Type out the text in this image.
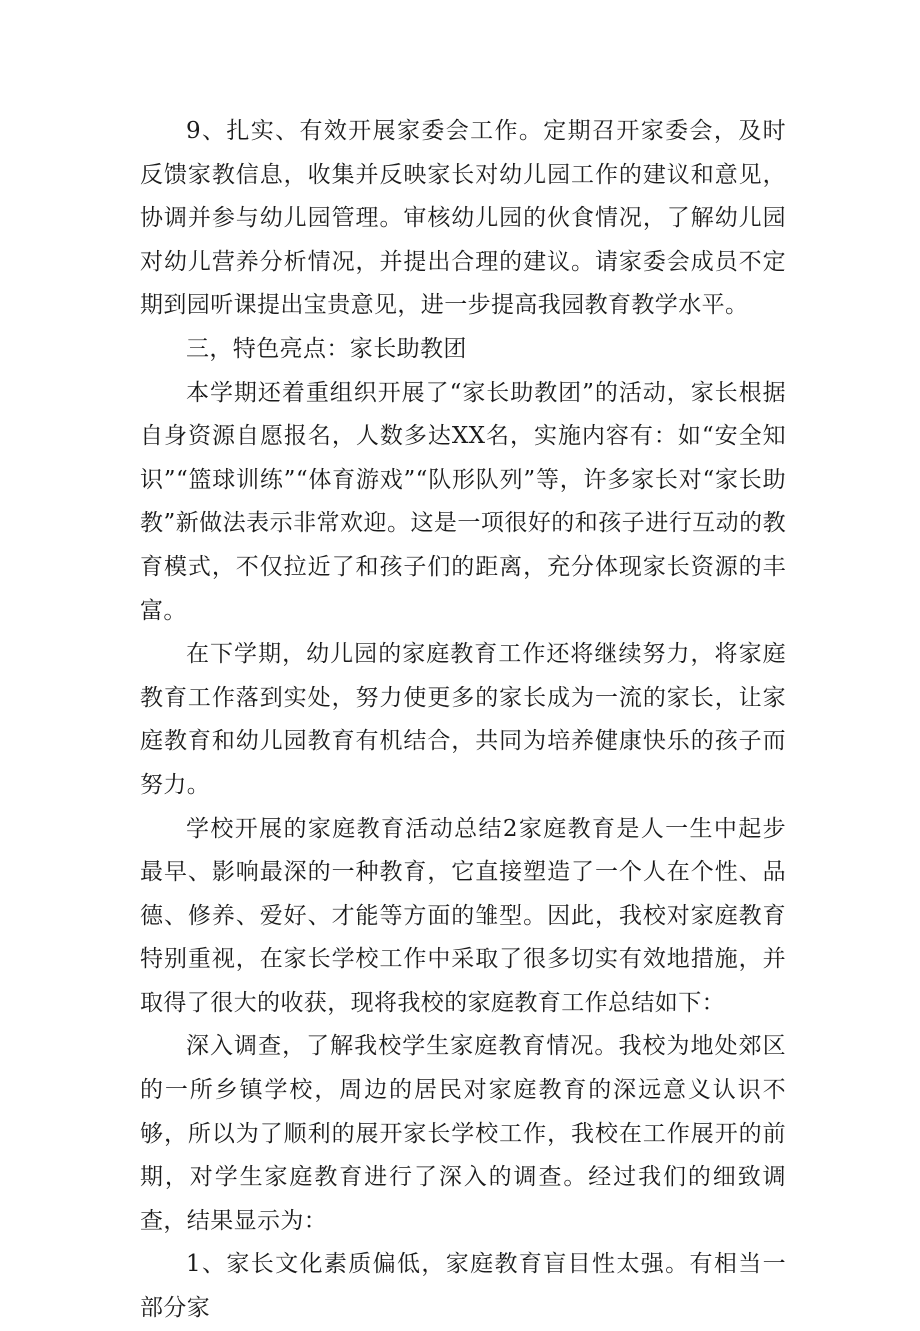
9、扎实、有效开展家委会工作。定期召开家委会，及时反馈家教信息，收集并反映家长对幼儿园工作的建议和意见，协调并参与幼儿园管理。审核幼儿园的伙食情况，了解幼儿园对幼儿营养分析情况，并提出合理的建议。请家委会成员不定期到园听课提出宝贵意见，进一步提高我园教育教学水平。

三，特色亮点：家长助教团

本学期还着重组织开展了“家长助教团”的活动，家长根据自身资源自愿报名，人数多达XX名，实施内容有：如“安全知识”“篮球训练”“体育游戏”“队形队列”等，许多家长对“家长助教”新做法表示非常欢迎。这是一项很好的和孩子进行互动的教育模式，不仅拉近了和孩子们的距离，充分体现家长资源的丰富。

在下学期，幼儿园的家庭教育工作还将继续努力，将家庭教育工作落到实处，努力使更多的家长成为一流的家长，让家庭教育和幼儿园教育有机结合，共同为培养健康快乐的孩子而努力。

学校开展的家庭教育活动总结2家庭教育是人一生中起步最早、影响最深的一种教育，它直接塑造了一个人在个性、品德、修养、爱好、才能等方面的雏型。因此，我校对家庭教育特别重视，在家长学校工作中采取了很多切实有效地措施，并取得了很大的收获，现将我校的家庭教育工作总结如下：

深入调查，了解我校学生家庭教育情况。我校为地处郊区的一所乡镇学校，周边的居民对家庭教育的深远意义认识不够，所以为了顺利的展开家长学校工作，我校在工作展开的前期，对学生家庭教育进行了深入的调查。经过我们的细致调查，结果显示为：

1、家长文化素质偏低，家庭教育盲目性太强。有相当一部分家
